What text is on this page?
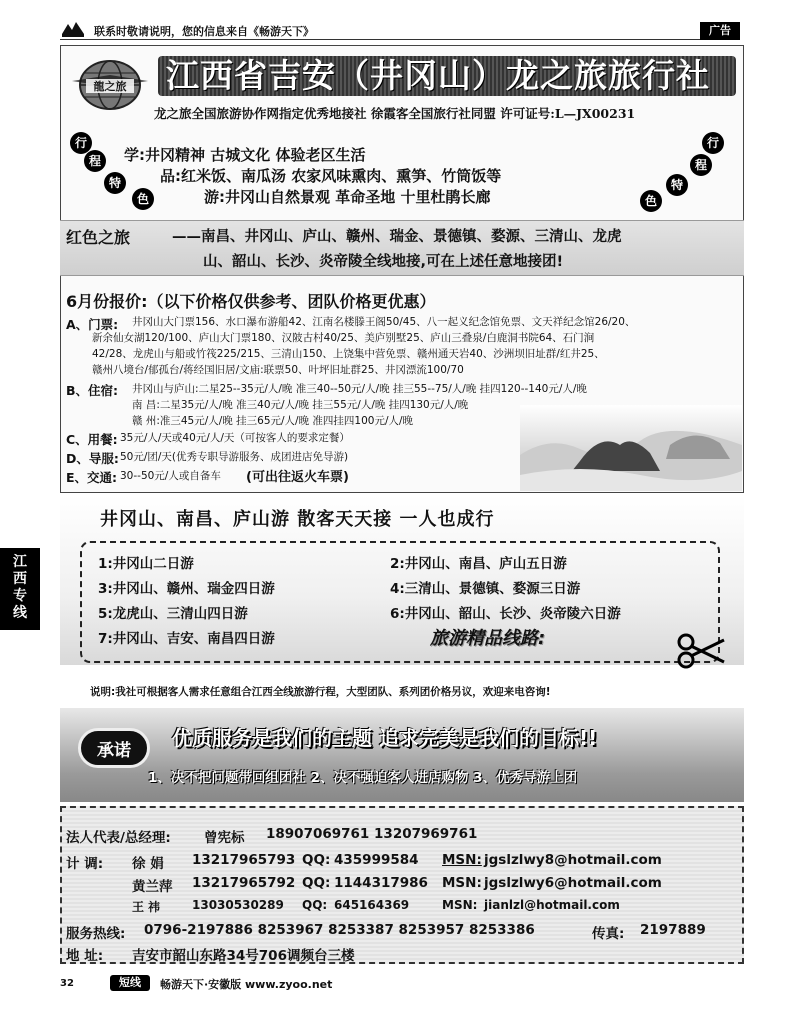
联系时敬请说明，您的信息来自《畅游天下》	广告
龍之旅 江西省吉安（井冈山）龙之旅旅行社
龙之旅全国旅游协作网指定优秀地接社 徐霞客全国旅行社同盟 许可证号:L—JX00231
行
程
特
色
行
程
特
色
学:井冈精神 古城文化 体验老区生活
品:红米饭、南瓜汤 农家风味熏肉、熏笋、竹筒饭等
游:井冈山自然景观 革命圣地 十里杜鹃长廊
红色之旅	——南昌、井冈山、庐山、赣州、瑞金、景德镇、婺源、三清山、龙虎
山、韶山、长沙、炎帝陵全线地接,可在上述任意地接团!
6月份报价:（以下价格仅供参考、团队价格更优惠）
A、门票: 井冈山大门票156、水口瀑布游船42、江南名楼滕王阁50/45、八一起义纪念馆免票、文天祥纪念馆26/20、
新余仙女湖120/100、庐山大门票180、汉陂古村40/25、美庐别墅25、庐山三叠泉/白鹿洞书院64、石门涧
42/28、龙虎山与船或竹筏225/215、三清山150、上饶集中营免票、赣州通天岩40、沙洲坝旧址群/红井25、
赣州八境台/郁孤台/蒋经国旧居/文庙:联票50、叶坪旧址群25、井冈漂流100/70
B、住宿: 井冈山与庐山:二星25--35元/人/晚 准三40--50元/人/晚 挂三55--75/人/晚 挂四120--140元/人/晚
南 昌:二星35元/人/晚 准三40元/人/晚 挂三55元/人/晚 挂四130元/人/晚
赣 州:准三45元/人/晚 挂三65元/人/晚 准四挂四100元/人/晚
C、用餐: 35元/人/天或40元/人/天（可按客人的要求定餐）
D、导服: 50元/团/天(优秀专职导游服务、成团进店免导游)
E、交通: 30--50元/人或自备车 (可出往返火车票)
井冈山、南昌、庐山游 散客天天接 一人也成行
1:井冈山二日游	2:井冈山、南昌、庐山五日游
3:井冈山、赣州、瑞金四日游	4:三清山、景德镇、婺源三日游
5:龙虎山、三清山四日游	6:井冈山、韶山、长沙、炎帝陵六日游
7:井冈山、吉安、南昌四日游	旅游精品线路:
说明:我社可根据客人需求任意组合江西全线旅游行程，大型团队、系列团价格另议，欢迎来电咨询!
承诺
优质服务是我们的主题 追求完美是我们的目标!!
1、决不把问题带回组团社 2、决不强迫客人进店购物 3、优秀导游上团
法人代表/总经理: 曾宪标 18907069761 13207969761
计 调: 徐 娟 13217965793 QQ: 435999584 MSN: jgslzlwy8@hotmail.com
黄兰萍 13217965792 QQ: 1144317986 MSN: jgslzlwy6@hotmail.com
王 祎	13030530289 QQ: 645164369	MSN: jianlzl@hotmail.com
服务热线: 0796-2197886 8253967 8253387 8253957 8253386	传真: 2197889
地 址: 吉安市韶山东路34号706调频台三楼
江
西
专
线
32	短线	畅游天下·安徽版 www.zyoo.net
